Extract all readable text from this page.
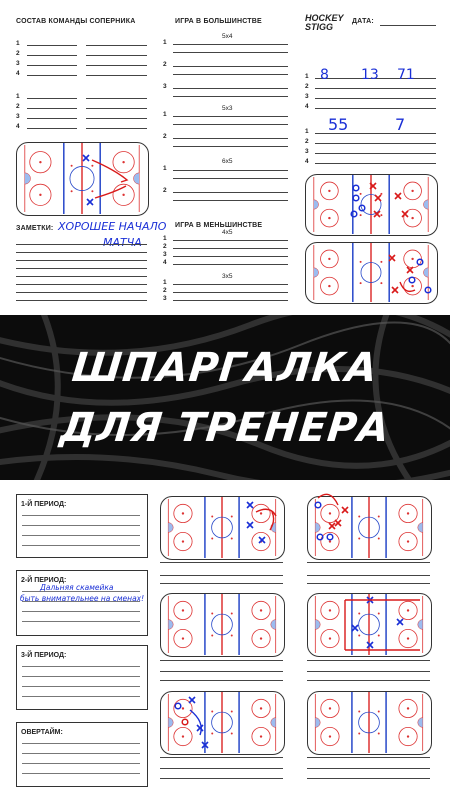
СОСТАВ КОМАНДЫ СОПЕРНИКА
1
2
3
4
1
2
3
4
ЗАМЕТКИ: ХОРОШЕЕ НАЧАЛО
МАТЧА
ИГРА В БОЛЬШИНСТВЕ
5x4
1
2
3
5x3
1
2
6x5
1
2
ИГРА В МЕНЬШИНСТВЕ
4x5
1
2
3
4
3x5
1
2
3
HOCKEY
STIGG
ДАТА:
1
2
3
4
1
2
3
4
8 13 71
55	7
ШПАРГАЛКА
ДЛЯ ТРЕНЕРА
1-Й ПЕРИОД:
2-Й ПЕРИОД:
3-Й ПЕРИОД:
ОВЕРТАЙМ:
Дальняя скамейка
быть внимательнее на сменах!
